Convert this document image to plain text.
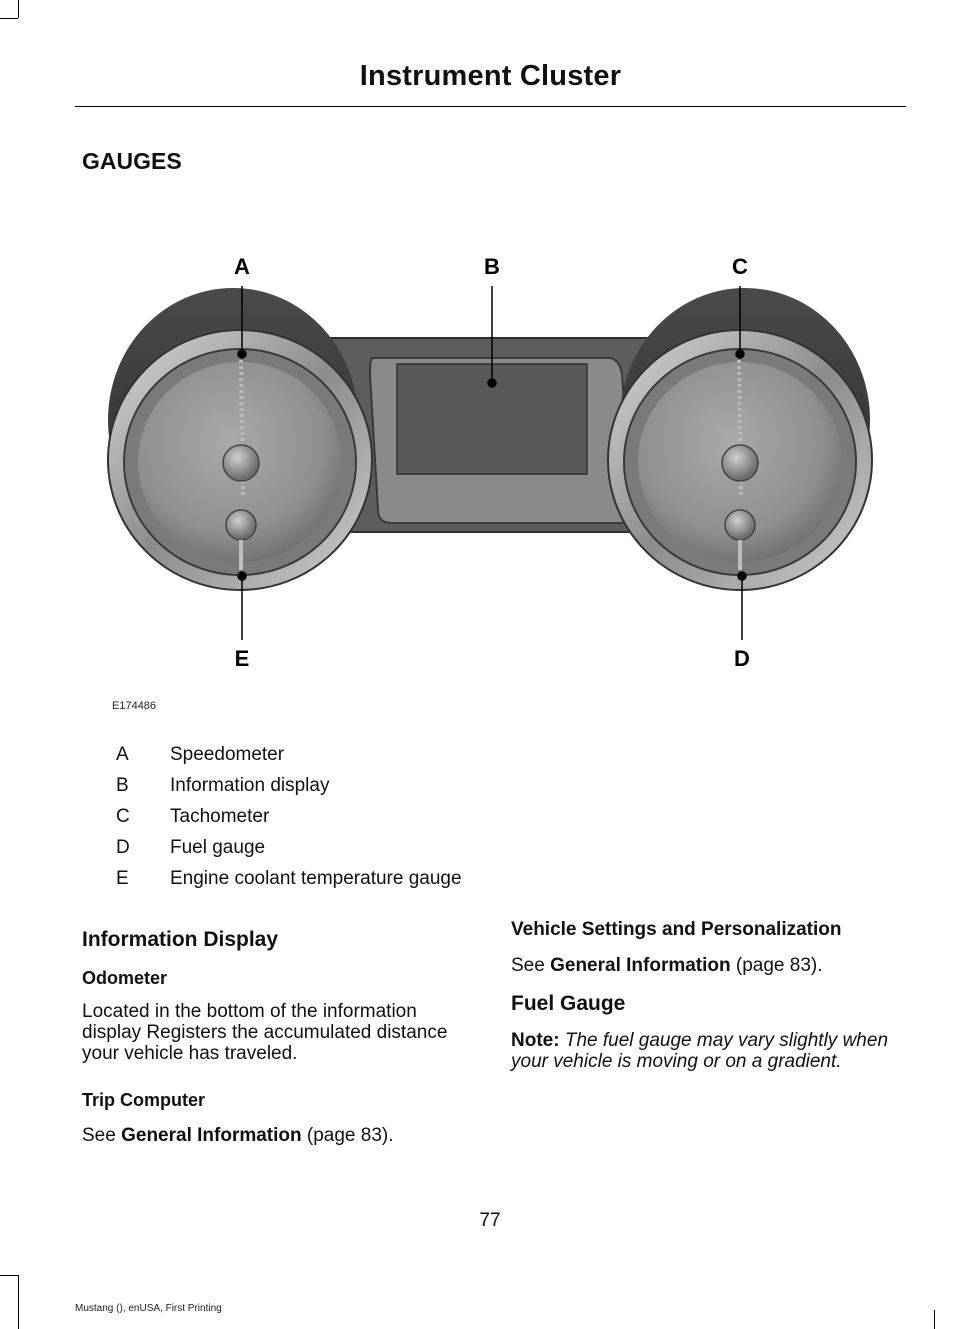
Instrument Cluster
GAUGES
A	B	C
D
E
E174486
A	Speedometer
B	Information display
C	Tachometer
D	Fuel gauge
E	Engine coolant temperature gauge
Information Display
Odometer

Located in the bottom of the information display Registers the accumulated distance your vehicle has traveled.

Trip Computer

See General Information (page 83).

Vehicle Settings and Personalization

See General Information (page 83).

Fuel Gauge

Note: The fuel gauge may vary slightly when your vehicle is moving or on a gradient.

77
Mustang (), enUSA, First Printing
